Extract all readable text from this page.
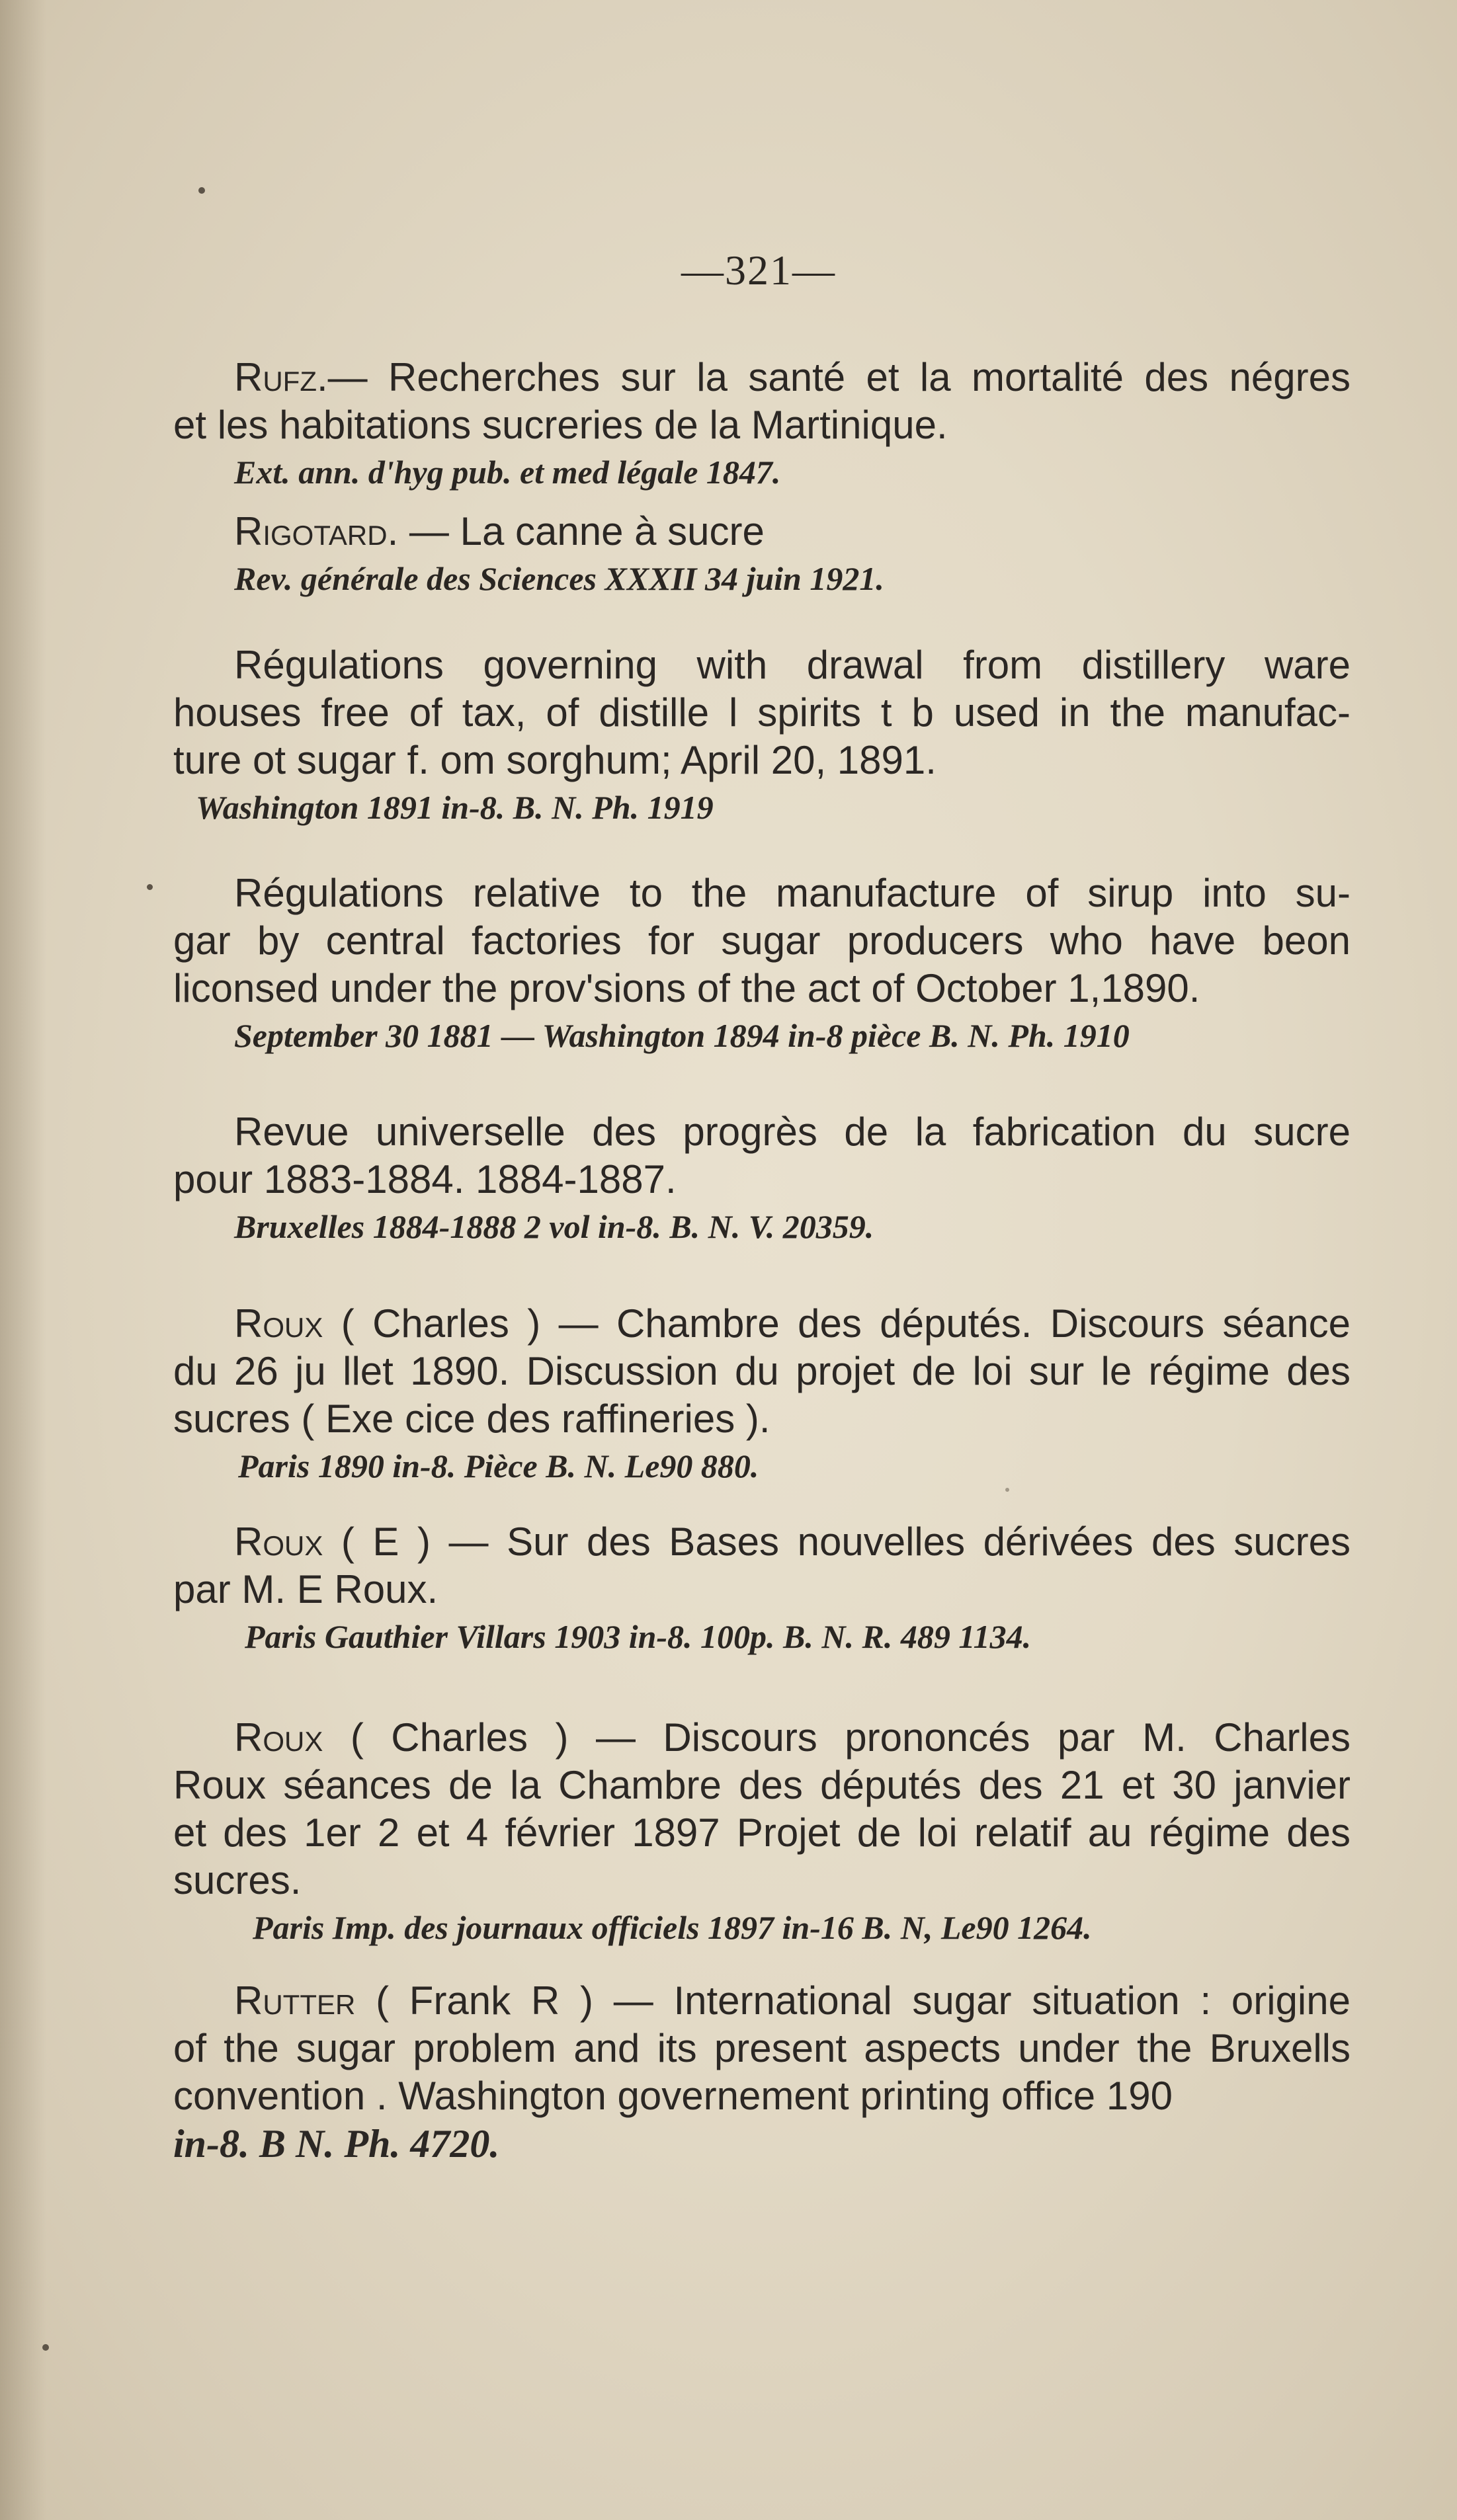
—321—
Rufz.— Recherches sur la santé et la mortalité des négres
et les habitations sucreries de la Martinique.
Ext. ann. d'hyg pub. et med légale 1847.
Rigotard. — La canne à sucre
Rev. générale des Sciences XXXII 34 juin 1921.
Régulations governing with drawal from distillery ware
houses free of tax, of distille l spirits t b used in the manufac-
ture ot sugar f. om sorghum; April 20, 1891.
Washington 1891 in-8. B. N. Ph. 1919
Régulations relative to the manufacture of sirup into su-
gar by central factories for sugar producers who have beon
liconsed under the prov'sions of the act of October 1,1890.
September 30 1881 — Washington 1894 in-8 pièce B. N. Ph. 1910
Revue universelle des progrès de la fabrication du sucre
pour 1883-1884. 1884-1887.
Bruxelles 1884-1888 2 vol in-8. B. N. V. 20359.
Roux ( Charles ) — Chambre des députés. Discours séance
du 26 ju llet 1890. Discussion du projet de loi sur le régime des
sucres ( Exe cice des raffineries ).
Paris 1890 in-8. Pièce B. N. Le90 880.
Roux ( E ) — Sur des Bases nouvelles dérivées des sucres
par M. E Roux.
Paris Gauthier Villars 1903 in-8. 100p. B. N. R. 489 1134.
Roux ( Charles ) — Discours prononcés par M. Charles
Roux séances de la Chambre des députés des 21 et 30 janvier
et des 1er 2 et 4 février 1897 Projet de loi relatif au régime des
sucres.
Paris Imp. des journaux officiels 1897 in-16 B. N, Le90 1264.
Rutter ( Frank R ) — International sugar situation : origine
of the sugar problem and its present aspects under the Bruxells
convention . Washington governement printing office 190
in-8. B N. Ph. 4720.
